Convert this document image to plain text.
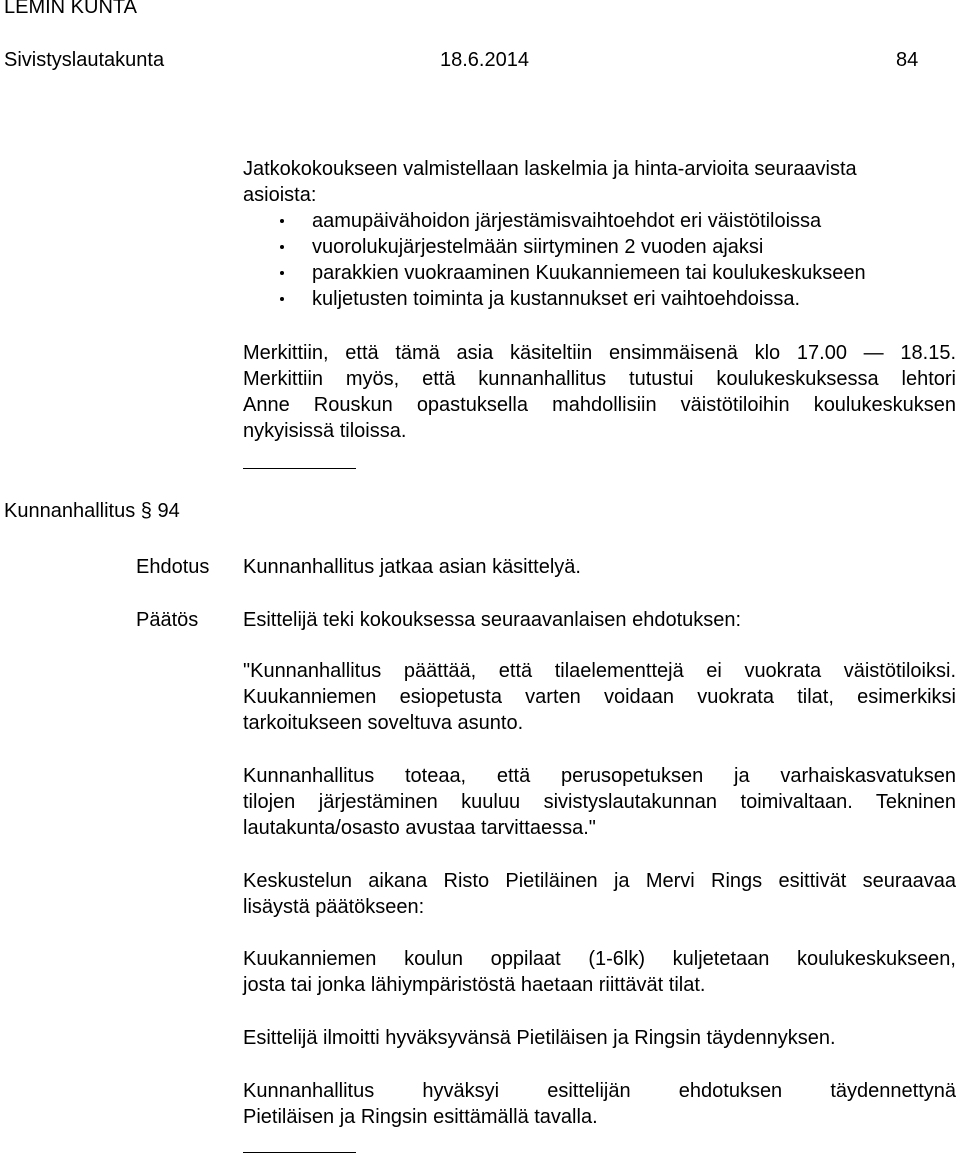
LEMIN KUNTA
Sivistyslautakunta	18.6.2014	84
Jatkokokoukseen valmistellaan laskelmia ja hinta-arvioita seuraavista
asioista:
aamupäivähoidon järjestämisvaihtoehdot eri väistötiloissa
vuorolukujärjestelmään siirtyminen 2 vuoden ajaksi
parakkien vuokraaminen Kuukanniemeen tai koulukeskukseen
kuljetusten toiminta ja kustannukset eri vaihtoehdoissa.
Merkittiin, että tämä asia käsiteltiin ensimmäisenä klo 17.00 — 18.15.
Merkittiin myös, että kunnanhallitus tutustui koulukeskuksessa lehtori
Anne Rouskun opastuksella mahdollisiin väistötiloihin koulukeskuksen
nykyisissä tiloissa.
Kunnanhallitus § 94
Ehdotus Kunnanhallitus jatkaa asian käsittelyä.
Päätös Esittelijä teki kokouksessa seuraavanlaisen ehdotuksen:
"Kunnanhallitus päättää, että tilaelementtejä ei vuokrata väistötiloiksi.
Kuukanniemen esiopetusta varten voidaan vuokrata tilat, esimerkiksi
tarkoitukseen soveltuva asunto.
Kunnanhallitus toteaa, että perusopetuksen ja varhaiskasvatuksen
tilojen järjestäminen kuuluu sivistyslautakunnan toimivaltaan. Tekninen
lautakunta/osasto avustaa tarvittaessa."
Keskustelun aikana Risto Pietiläinen ja Mervi Rings esittivät seuraavaa
lisäystä päätökseen:
Kuukanniemen koulun oppilaat (1-6lk) kuljetetaan koulukeskukseen,
josta tai jonka lähiympäristöstä haetaan riittävät tilat.
Esittelijä ilmoitti hyväksyvänsä Pietiläisen ja Ringsin täydennyksen.
Kunnanhallitus hyväksyi esittelijän ehdotuksen täydennettynä
Pietiläisen ja Ringsin esittämällä tavalla.
